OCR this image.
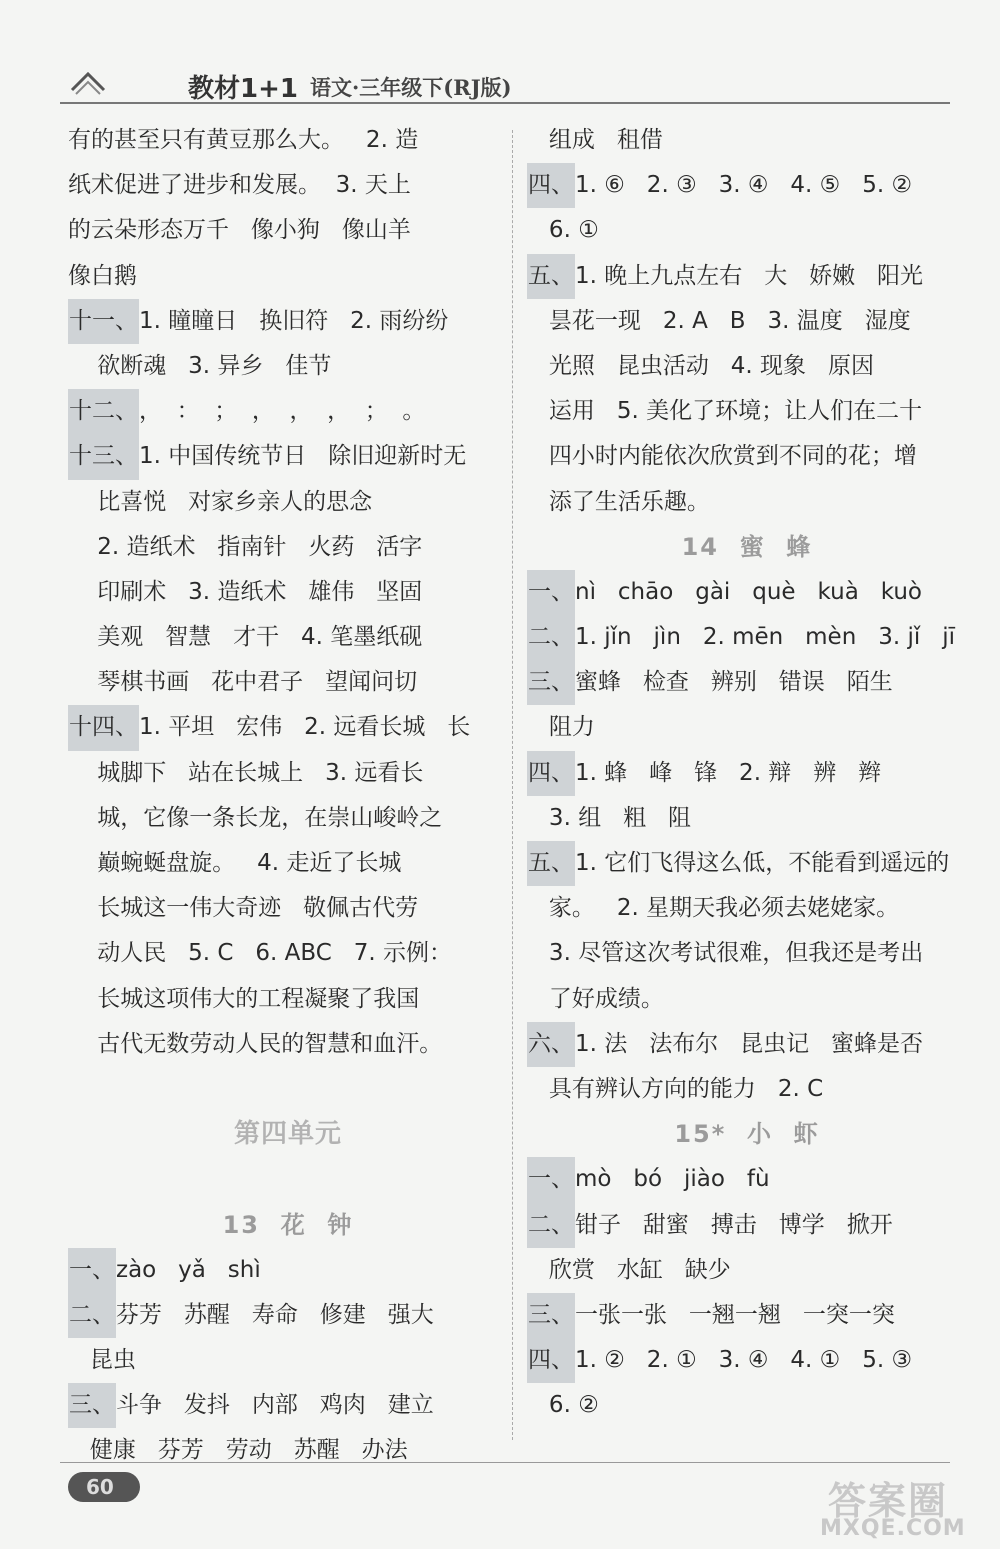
教材1+1 语文·三年级下(RJ版)
有的甚至只有黄豆那么大。   2. 造
纸术促进了进步和发展。  3. 天上
的云朵形态万千   像小狗   像山羊
像白鹅
十一、1. 瞳瞳日   换旧符   2. 雨纷纷
欲断魂   3. 异乡   佳节
十二、，  ：  ；  ，  ，  ，  ；  。
十三、1. 中国传统节日   除旧迎新时无
比喜悦   对家乡亲人的思念
2. 造纸术   指南针   火药   活字
印刷术   3. 造纸术   雄伟   坚固
美观   智慧   才干   4. 笔墨纸砚
琴棋书画   花中君子   望闻问切
十四、1. 平坦   宏伟   2. 远看长城   长
城脚下   站在长城上   3. 远看长
城，它像一条长龙，在崇山峻岭之
巅蜿蜒盘旋。   4. 走近了长城
长城这一伟大奇迹   敬佩古代劳
动人民   5. C   6. ABC   7. 示例：
长城这项伟大的工程凝聚了我国
古代无数劳动人民的智慧和血汗。
第四单元
13  花  钟
一、zào   yǎ   shì
二、芬芳   苏醒   寿命   修建   强大
昆虫
三、斗争   发抖   内部   鸡肉   建立
健康   芬芳   劳动   苏醒   办法
组成   租借
四、1. ⑥   2. ③   3. ④   4. ⑤   5. ②
6. ①
五、1. 晚上九点左右   大   娇嫩   阳光
昙花一现   2. A   B   3. 温度   湿度
光照   昆虫活动   4. 现象   原因
运用   5. 美化了环境；让人们在二十
四小时内能依次欣赏到不同的花；增
添了生活乐趣。
14  蜜  蜂
一、nì   chāo   gài   què   kuà   kuò
二、1. jǐn   jìn   2. mēn   mèn   3. jǐ   jī
三、蜜蜂   检查   辨别   错误   陌生
阻力
四、1. 蜂   峰   锋   2. 辩   辨   辫
3. 组   粗   阻
五、1. 它们飞得这么低，不能看到遥远的
家。   2. 星期天我必须去姥姥家。
3. 尽管这次考试很难，但我还是考出
了好成绩。
六、1. 法   法布尔   昆虫记   蜜蜂是否
具有辨认方向的能力   2. C
15*  小  虾
一、mò   bó   jiào   fù
二、钳子   甜蜜   搏击   博学   掀开
欣赏   水缸   缺少
三、一张一张   一翘一翘   一突一突
四、1. ②   2. ①   3. ④   4. ①   5. ③
6. ②
60	答案圈
MXQE.COM
